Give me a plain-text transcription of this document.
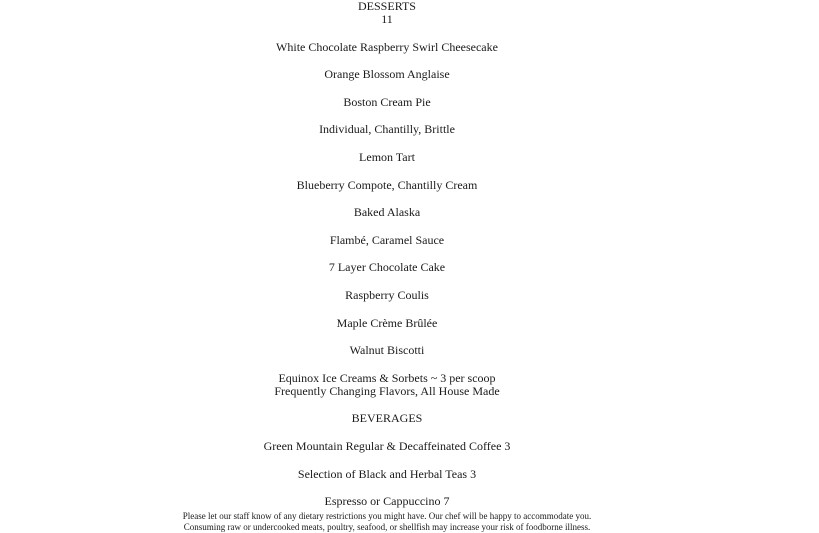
DESSERTS
11
White Chocolate Raspberry Swirl Cheesecake
Orange Blossom Anglaise
Boston Cream Pie
Individual, Chantilly, Brittle
Lemon Tart
Blueberry Compote, Chantilly Cream
Baked Alaska
Flambé, Caramel Sauce
7 Layer Chocolate Cake
Raspberry Coulis
Maple Crème Brûlée
Walnut Biscotti
Equinox Ice Creams & Sorbets ~ 3 per scoop
Frequently Changing Flavors, All House Made
BEVERAGES
Green Mountain Regular & Decaffeinated Coffee 3
Selection of Black and Herbal Teas 3
Espresso or Cappuccino 7
Please let our staff know of any dietary restrictions you might have. Our chef will be happy to accommodate you.
Consuming raw or undercooked meats, poultry, seafood, or shellfish may increase your risk of foodborne illness.
